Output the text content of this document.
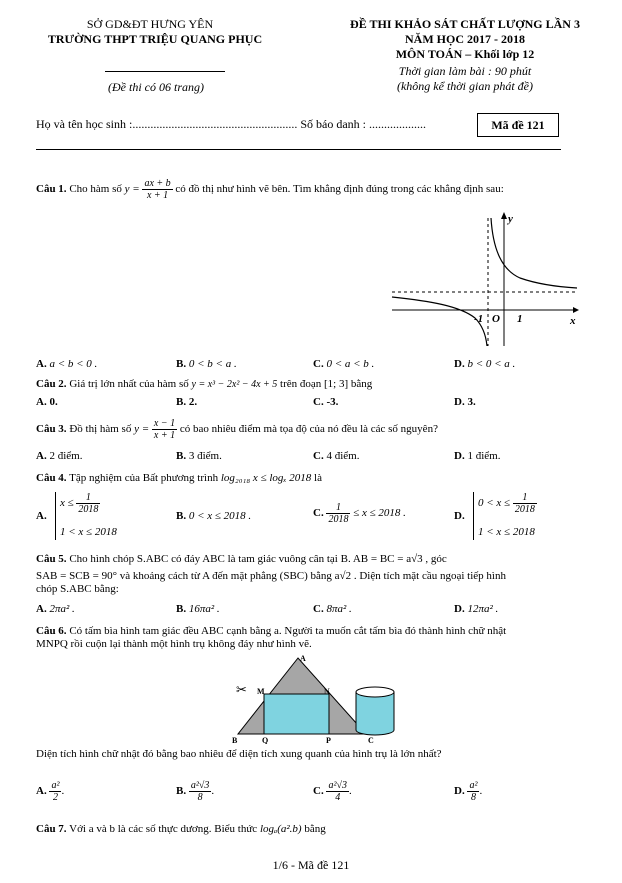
SỞ GD&ĐT HƯNG YÊN
TRƯỜNG THPT TRIỆU QUANG PHỤC
(Đề thi có 06 trang)
ĐỀ THI KHẢO SÁT CHẤT LƯỢNG LẦN 3
NĂM HỌC 2017 - 2018
MÔN TOÁN – Khối lớp 12
Thời gian làm bài : 90 phút
(không kể thời gian phát đề)
Họ và tên học sinh :....................................................... Số báo danh : ...................	Mã đề 121
Câu 1. Cho hàm số $y = \frac{ax + b}{x + 1}$ có đồ thị như hình vẽ bên. Tìm khẳng định đúng trong các khẳng định sau:
y
x
O
-1	1
A. a < b < 0 .	B. 0 < b < a .	C. 0 < a < b .	D. b < 0 < a .
Câu 2. Giá trị lớn nhất của hàm số y = x³ − 2x² − 4x + 5 trên đoạn [1; 3] bằng
A. 0.	B. 2.	C. -3.	D. 3.
Câu 3. Đồ thị hàm số $y = \frac{x - 1}{x + 1}$ có bao nhiêu điểm mà tọa độ của nó đều là các số nguyên?
A. 2 điểm.	B. 3 điểm.	C. 4 điểm.	D. 1 điểm.
Câu 4. Tập nghiệm của Bất phương trình log₂₀₁₈ x ≤ logₓ 2018 là
A.
$x \le \frac{1}{2018}$
1 < x ≤ 2018
B. 0 < x ≤ 2018 .	C. $\frac{1}{2018} \le x \le 2018$ .	D.
$0 < x \le \frac{1}{2018}$
1 < x ≤ 2018
Câu 5. Cho hình chóp S.ABC có đáy ABC là tam giác vuông cân tại B. AB = BC = a√3 , góc
SAB = SCB = 90° và khoảng cách từ A đến mặt phẳng (SBC) bằng a√2 . Diện tích mặt cầu ngoại tiếp hình
chóp S.ABC bằng:
A. 2πa² .	B. 16πa² .	C. 8πa² .	D. 12πa² .
Câu 6. Có tấm bìa hình tam giác đều ABC cạnh bằng a. Người ta muốn cắt tấm bìa đó thành hình chữ nhật
MNPQ rồi cuộn lại thành một hình trụ không đáy như hình vẽ.
A
B	C
M	N
Q	P
✂
Diện tích hình chữ nhật đó bằng bao nhiêu để diện tích xung quanh của hình trụ là lớn nhất?
A. $\frac{\text{a²}}{2}$ .	B. $\frac{\text{a²√3}}{8}$ .	C. $\frac{\text{a²√3}}{4}$ .	D. $\frac{\text{a²}}{8}$ .
Câu 7. Với a và b là các số thực dương. Biểu thức logₐ(a².b) bằng
1/6 - Mã đề 121
